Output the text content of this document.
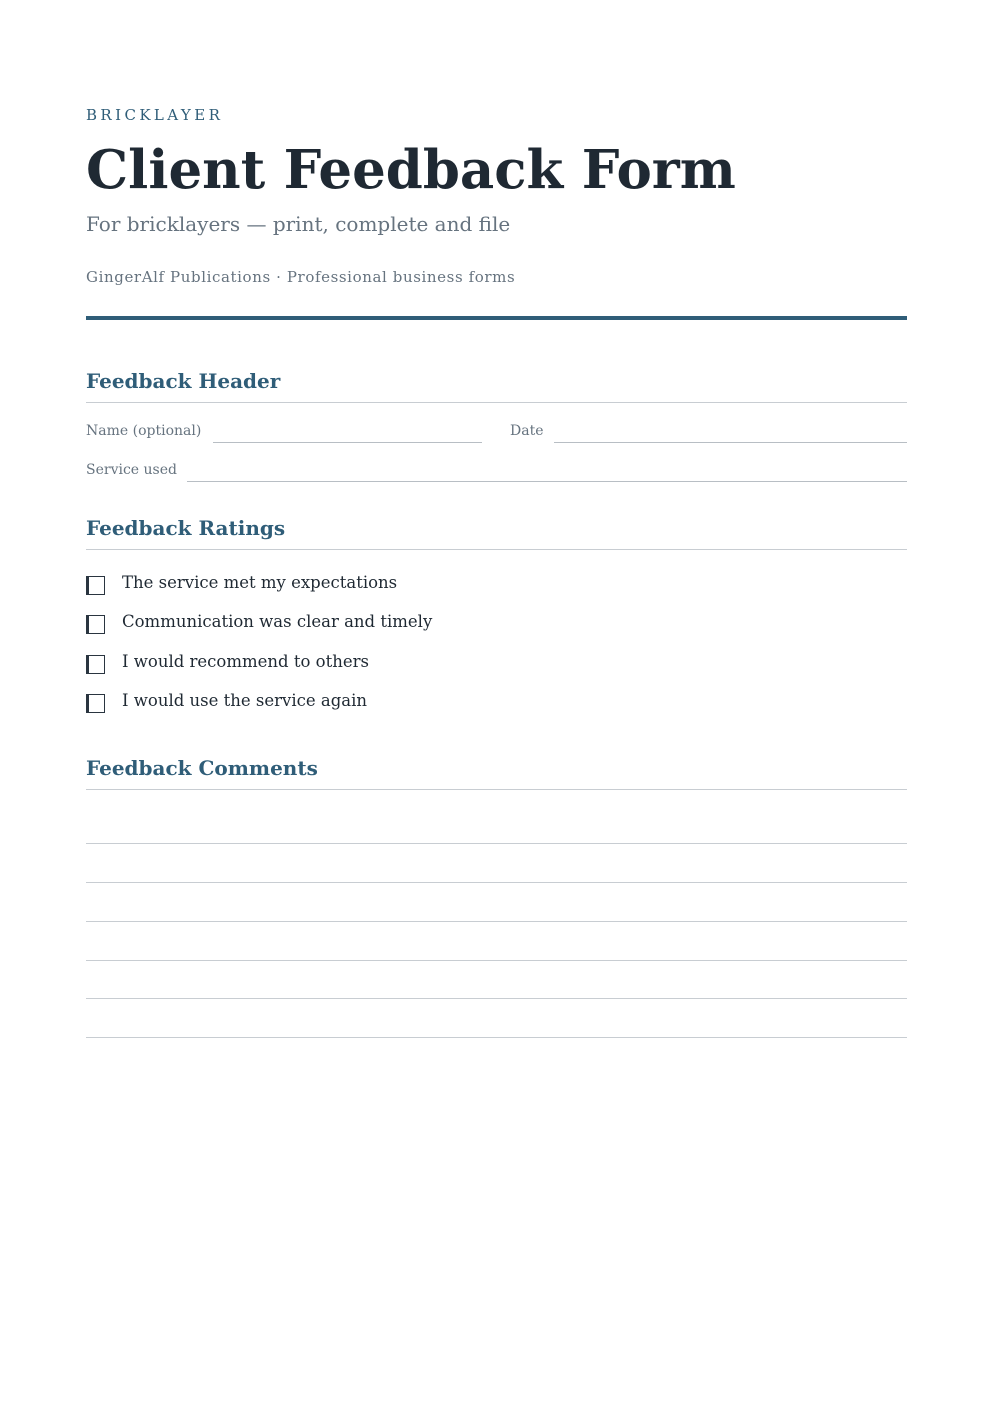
BRICKLAYER
Client Feedback Form
For bricklayers — print, complete and file
GingerAlf Publications · Professional business forms
Feedback Header
Name (optional)	Date
Service used
Feedback Ratings
The service met my expectations
Communication was clear and timely
I would recommend to others
I would use the service again
Feedback Comments
